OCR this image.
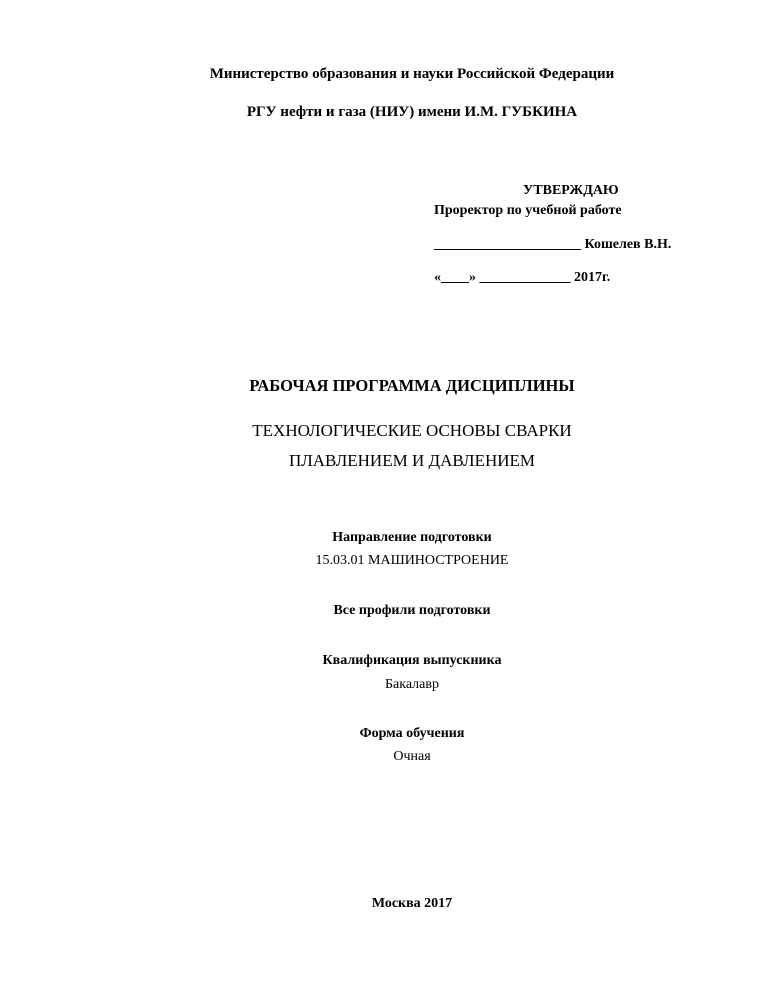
Министерство образования и науки Российской Федерации
РГУ нефти и газа (НИУ) имени И.М. ГУБКИНА
УТВЕРЖДАЮ
Проректор по учебной работе
_____________________ Кошелев В.Н.
«____» _____________ 2017г.
РАБОЧАЯ ПРОГРАММА ДИСЦИПЛИНЫ
ТЕХНОЛОГИЧЕСКИЕ ОСНОВЫ СВАРКИ
ПЛАВЛЕНИЕМ И ДАВЛЕНИЕМ
Направление подготовки
15.03.01 МАШИНОСТРОЕНИЕ
Все профили подготовки
Квалификация выпускника
Бакалавр
Форма обучения
Очная
Москва 2017
